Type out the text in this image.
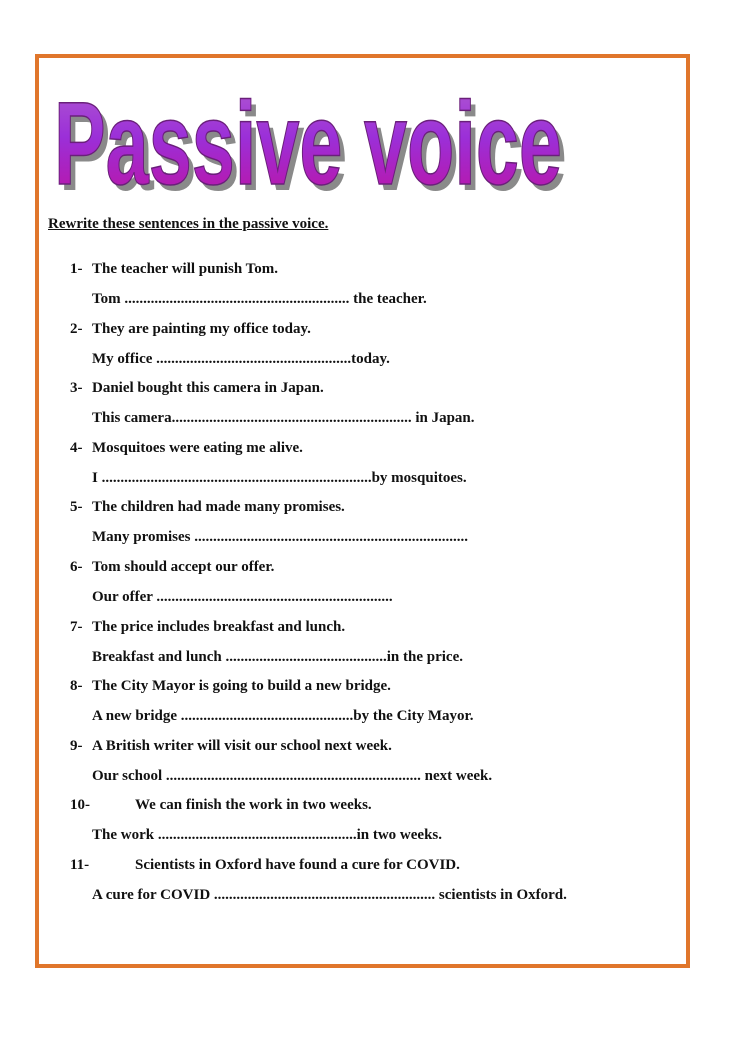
Passive voice
Passive voice
Rewrite these sentences in the passive voice.
1- The teacher will punish Tom.
Tom ............................................................ the teacher.
2- They are painting my office today.
My office ....................................................today.
3- Daniel bought this camera in Japan.
This camera................................................................ in Japan.
4- Mosquitoes were eating me alive.
I ........................................................................by mosquitoes.
5- The children had made many promises.
Many promises .........................................................................
6- Tom should accept our offer.
Our offer ...............................................................
7- The price includes breakfast and lunch.
Breakfast and lunch ...........................................in the price.
8- The City Mayor is going to build a new bridge.
A new bridge ..............................................by the City Mayor.
9- A British writer will visit our school next week.
Our school .................................................................... next week.
10-	We can finish the work in two weeks.
The work .....................................................in two weeks.
11-	Scientists in Oxford have found a cure for COVID.
A cure for COVID ........................................................... scientists in Oxford.
